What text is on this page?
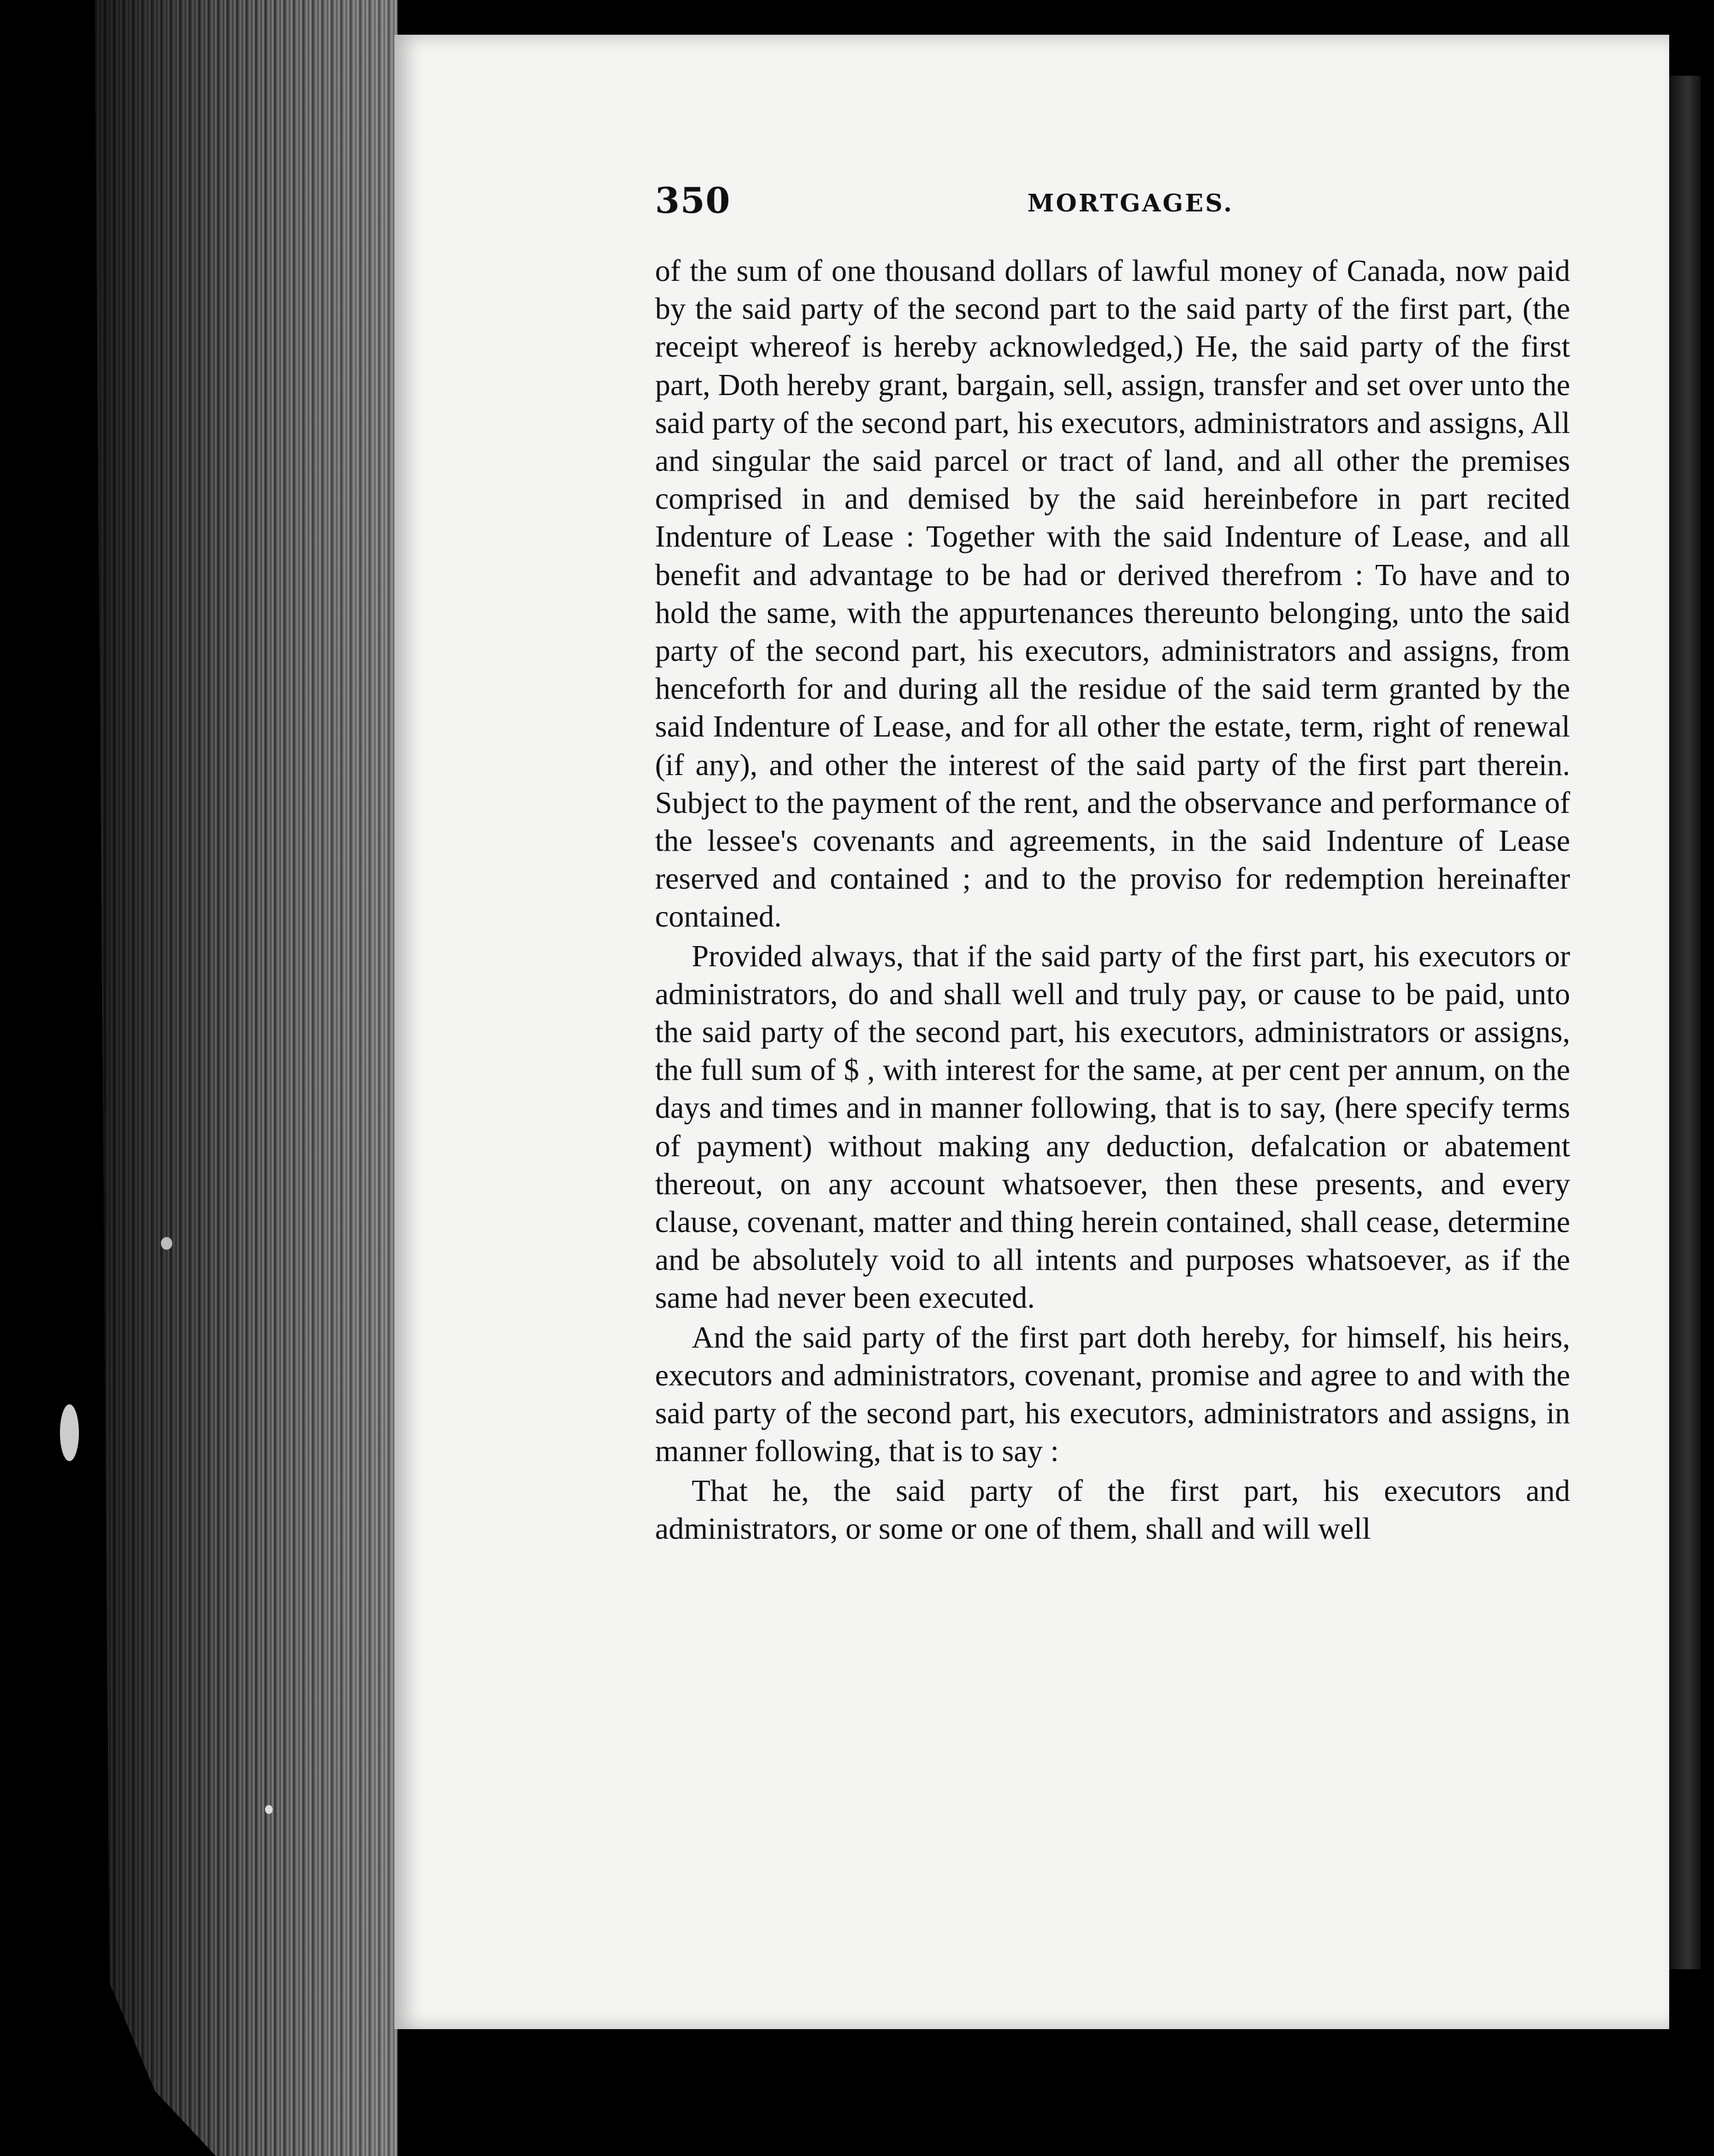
350	MORTGAGES.

of the sum of one thousand dollars of lawful money of Canada, now paid by the said party of the second part to the said party of the first part, (the receipt whereof is hereby acknowledged,) He, the said party of the first part, Doth hereby grant, bargain, sell, assign, transfer and set over unto the said party of the second part, his executors, administrators and assigns, All and singular the said parcel or tract of land, and all other the premises comprised in and demised by the said hereinbefore in part recited Indenture of Lease : Together with the said Indenture of Lease, and all benefit and advantage to be had or derived therefrom : To have and to hold the same, with the appurtenances thereunto belonging, unto the said party of the second part, his executors, administrators and assigns, from henceforth for and during all the residue of the said term granted by the said Indenture of Lease, and for all other the estate, term, right of renewal (if any), and other the interest of the said party of the first part therein. Subject to the payment of the rent, and the observance and performance of the lessee's covenants and agreements, in the said Indenture of Lease reserved and contained ; and to the proviso for redemption hereinafter contained.

Provided always, that if the said party of the first part, his executors or administrators, do and shall well and truly pay, or cause to be paid, unto the said party of the second part, his executors, administrators or assigns, the full sum of $ , with interest for the same, at per cent per annum, on the days and times and in manner following, that is to say, (here specify terms of payment) without making any deduction, defalcation or abatement thereout, on any account whatsoever, then these presents, and every clause, covenant, matter and thing herein contained, shall cease, determine and be absolutely void to all intents and purposes whatsoever, as if the same had never been executed.

And the said party of the first part doth hereby, for himself, his heirs, executors and administrators, covenant, promise and agree to and with the said party of the second part, his executors, administrators and assigns, in manner following, that is to say :

That he, the said party of the first part, his executors and administrators, or some or one of them, shall and will well
